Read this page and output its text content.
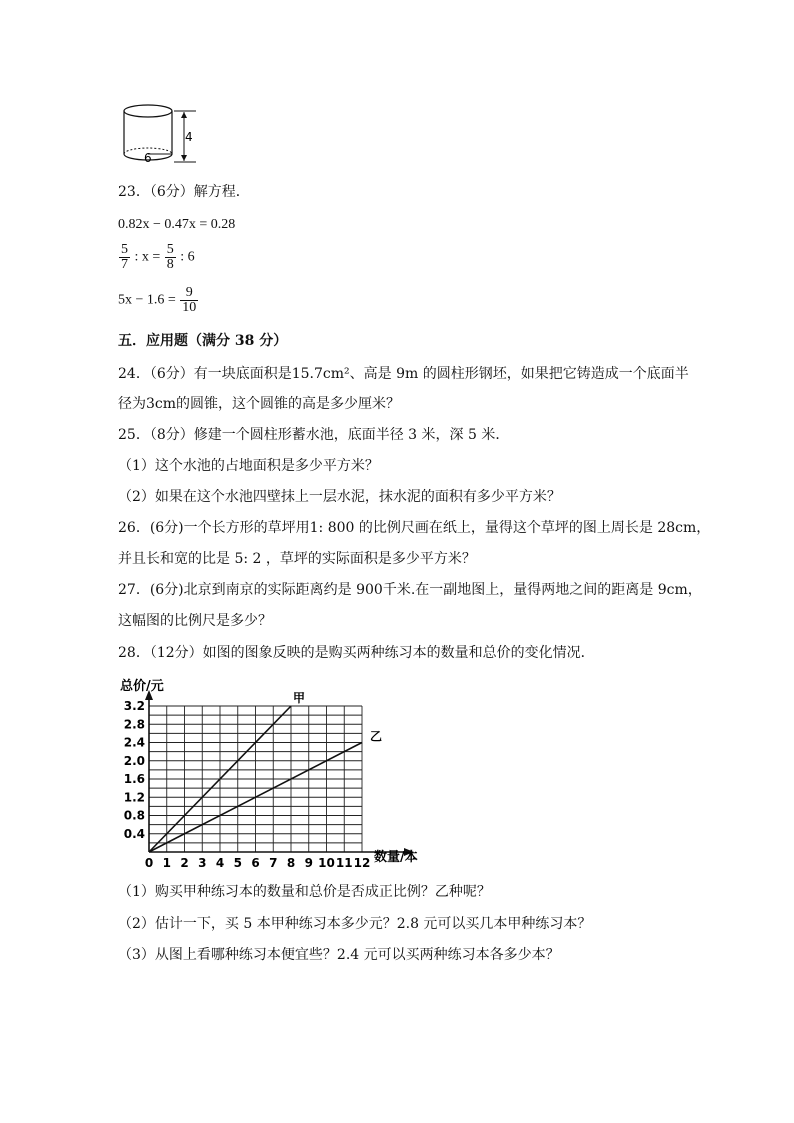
4
6
23．（6分）解方程．
0.82x − 0.47x = 0.28
$\frac{5}{7}$ : $x = \frac{5}{8}$ : 6
$5x - 1.6 = \frac{9}{10}$
五．应用题（满分 38 分）
24．（6分）有一块底面积是15.7cm²、高是 9m 的圆柱形钢坯，如果把它铸造成一个底面半
径为3cm的圆锥，这个圆锥的高是多少厘米？
25．（8分）修建一个圆柱形蓄水池，底面半径 3 米，深 5 米．
（1）这个水池的占地面积是多少平方米？
（2）如果在这个水池四壁抹上一层水泥，抹水泥的面积有多少平方米？
26．(6分)一个长方形的草坪用1: 800 的比例尺画在纸上，量得这个草坪的图上周长是 28cm，
并且长和宽的比是 5: 2 ，草坪的实际面积是多少平方米？
27．(6分)北京到南京的实际距离约是 900千米.在一副地图上，量得两地之间的距离是 9cm，
这幅图的比例尺是多少？
28．（12分）如图的图象反映的是购买两种练习本的数量和总价的变化情况．
0 1 2 3 4 5 6 7 8 9 10 11 12
0.4
0.8
1.2
1.6
2.0
2.4
2.8
3.2
甲
乙
总价/元
数量/本
（1）购买甲种练习本的数量和总价是否成正比例？乙种呢？
（2）估计一下，买 5 本甲种练习本多少元？2.8 元可以买几本甲种练习本？
（3）从图上看哪种练习本便宜些？2.4 元可以买两种练习本各多少本？
